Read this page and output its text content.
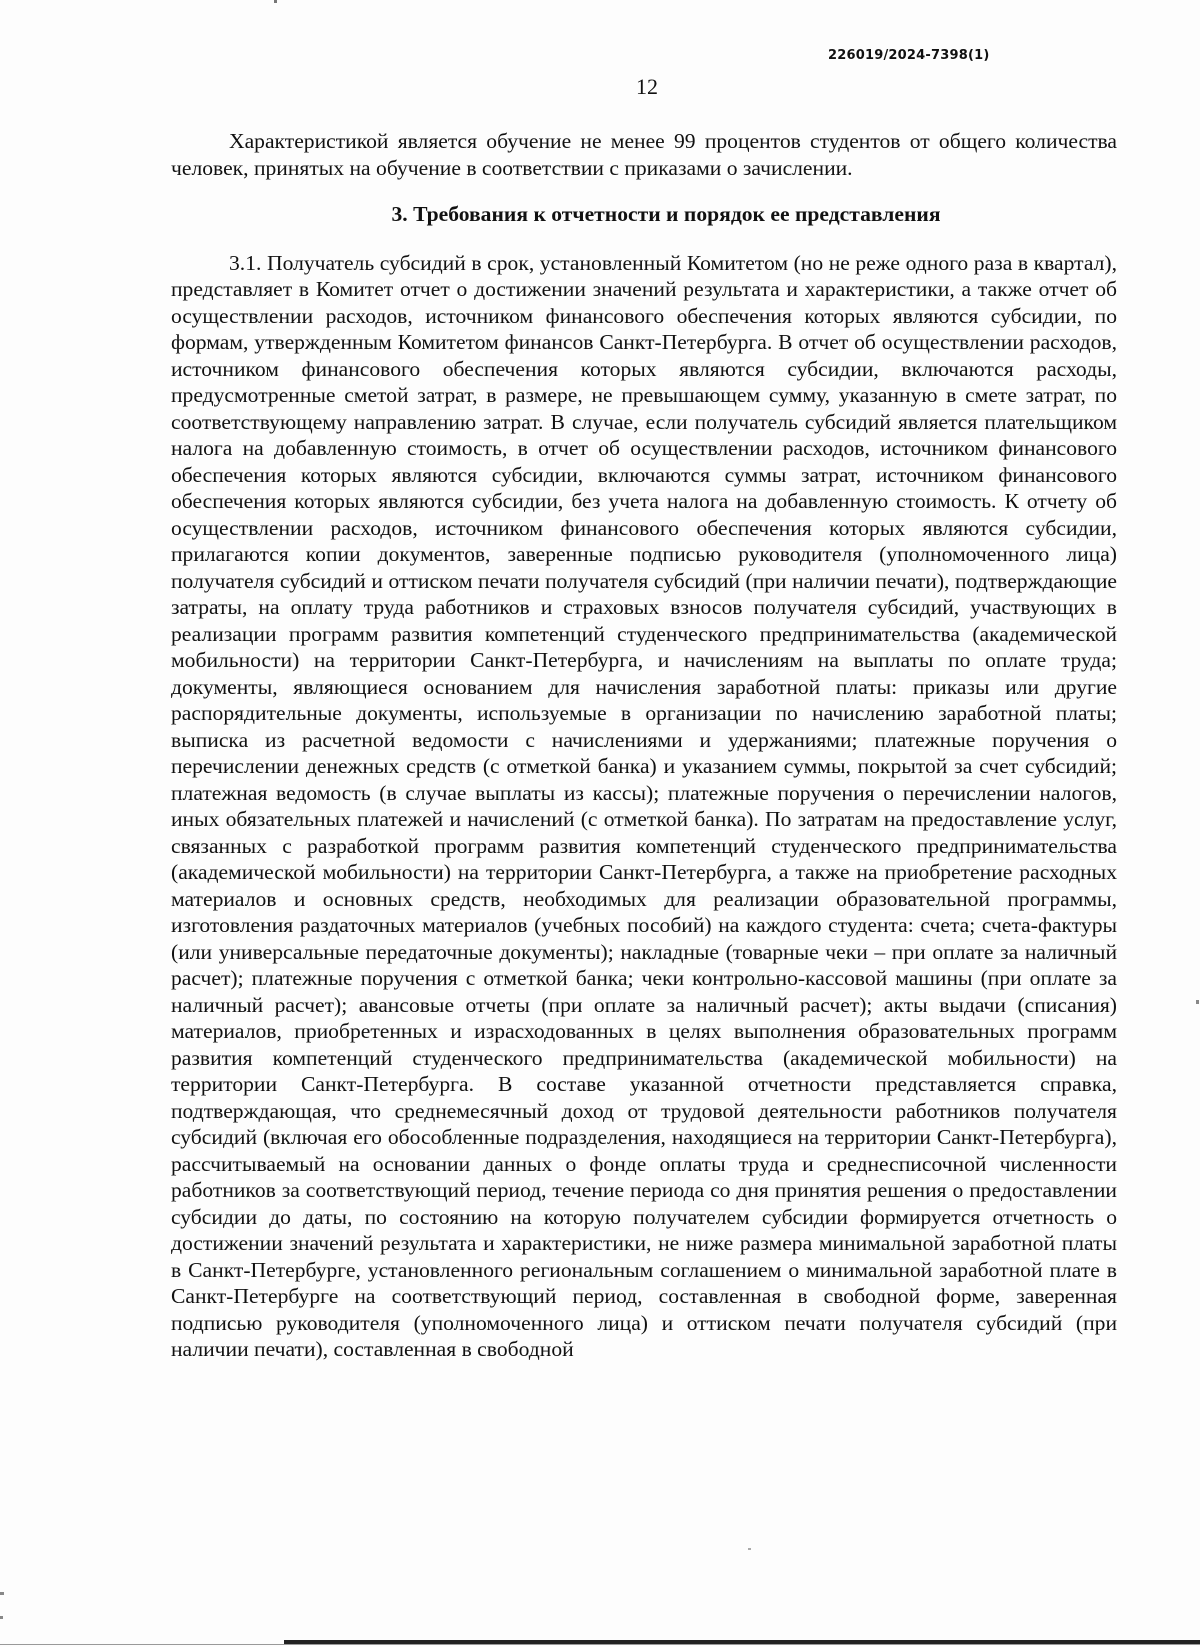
226019/2024-7398(1)
12

Характеристикой является обучение не менее 99 процентов студентов от общего количества человек, принятых на обучение в соответствии с приказами о зачислении.

3. Требования к отчетности и порядок ее представления

3.1. Получатель субсидий в срок, установленный Комитетом (но не реже одного раза в квартал), представляет в Комитет отчет о достижении значений результата и характеристики, а также отчет об осуществлении расходов, источником финансового обеспечения которых являются субсидии, по формам, утвержденным Комитетом финансов Санкт-Петербурга. В отчет об осуществлении расходов, источником финансового обеспечения которых являются субсидии, включаются расходы, предусмотренные сметой затрат, в размере, не превышающем сумму, указанную в смете затрат, по соответствующему направлению затрат. В случае, если получатель субсидий является плательщиком налога на добавленную стоимость, в отчет об осуществлении расходов, источником финансового обеспечения которых являются субсидии, включаются суммы затрат, источником финансового обеспечения которых являются субсидии, без учета налога на добавленную стоимость. К отчету об осуществлении расходов, источником финансового обеспечения которых являются субсидии, прилагаются копии документов, заверенные подписью руководителя (уполномоченного лица) получателя субсидий и оттиском печати получателя субсидий (при наличии печати), подтверждающие затраты, на оплату труда работников и страховых взносов получателя субсидий, участвующих в реализации программ развития компетенций студенческого предпринимательства (академической мобильности) на территории Санкт-Петербурга, и начислениям на выплаты по оплате труда; документы, являющиеся основанием для начисления заработной платы: приказы или другие распорядительные документы, используемые в организации по начислению заработной платы; выписка из расчетной ведомости с начислениями и удержаниями; платежные поручения о перечислении денежных средств (с отметкой банка) и указанием суммы, покрытой за счет субсидий; платежная ведомость (в случае выплаты из кассы); платежные поручения о перечислении налогов, иных обязательных платежей и начислений (с отметкой банка). По затратам на предоставление услуг, связанных с разработкой программ развития компетенций студенческого предпринимательства (академической мобильности) на территории Санкт-Петербурга, а также на приобретение расходных материалов и основных средств, необходимых для реализации образовательной программы, изготовления раздаточных материалов (учебных пособий) на каждого студента: счета; счета-фактуры (или универсальные передаточные документы); накладные (товарные чеки – при оплате за наличный расчет); платежные поручения с отметкой банка; чеки контрольно-кассовой машины (при оплате за наличный расчет); авансовые отчеты (при оплате за наличный расчет); акты выдачи (списания) материалов, приобретенных и израсходованных в целях выполнения образовательных программ развития компетенций студенческого предпринимательства (академической мобильности) на территории Санкт-Петербурга. В составе указанной отчетности представляется справка, подтверждающая, что среднемесячный доход от трудовой деятельности работников получателя субсидий (включая его обособленные подразделения, находящиеся на территории Санкт-Петербурга), рассчитываемый на основании данных о фонде оплаты труда и среднесписочной численности работников за соответствующий период, течение периода со дня принятия решения о предоставлении субсидии до даты, по состоянию на которую получателем субсидии формируется отчетность о достижении значений результата и характеристики, не ниже размера минимальной заработной платы в Санкт-Петербурге, установленного региональным соглашением о минимальной заработной плате в Санкт-Петербурге на соответствующий период, составленная в свободной форме, заверенная подписью руководителя (уполномоченного лица) и оттиском печати получателя субсидий (при наличии печати), составленная в свободной
